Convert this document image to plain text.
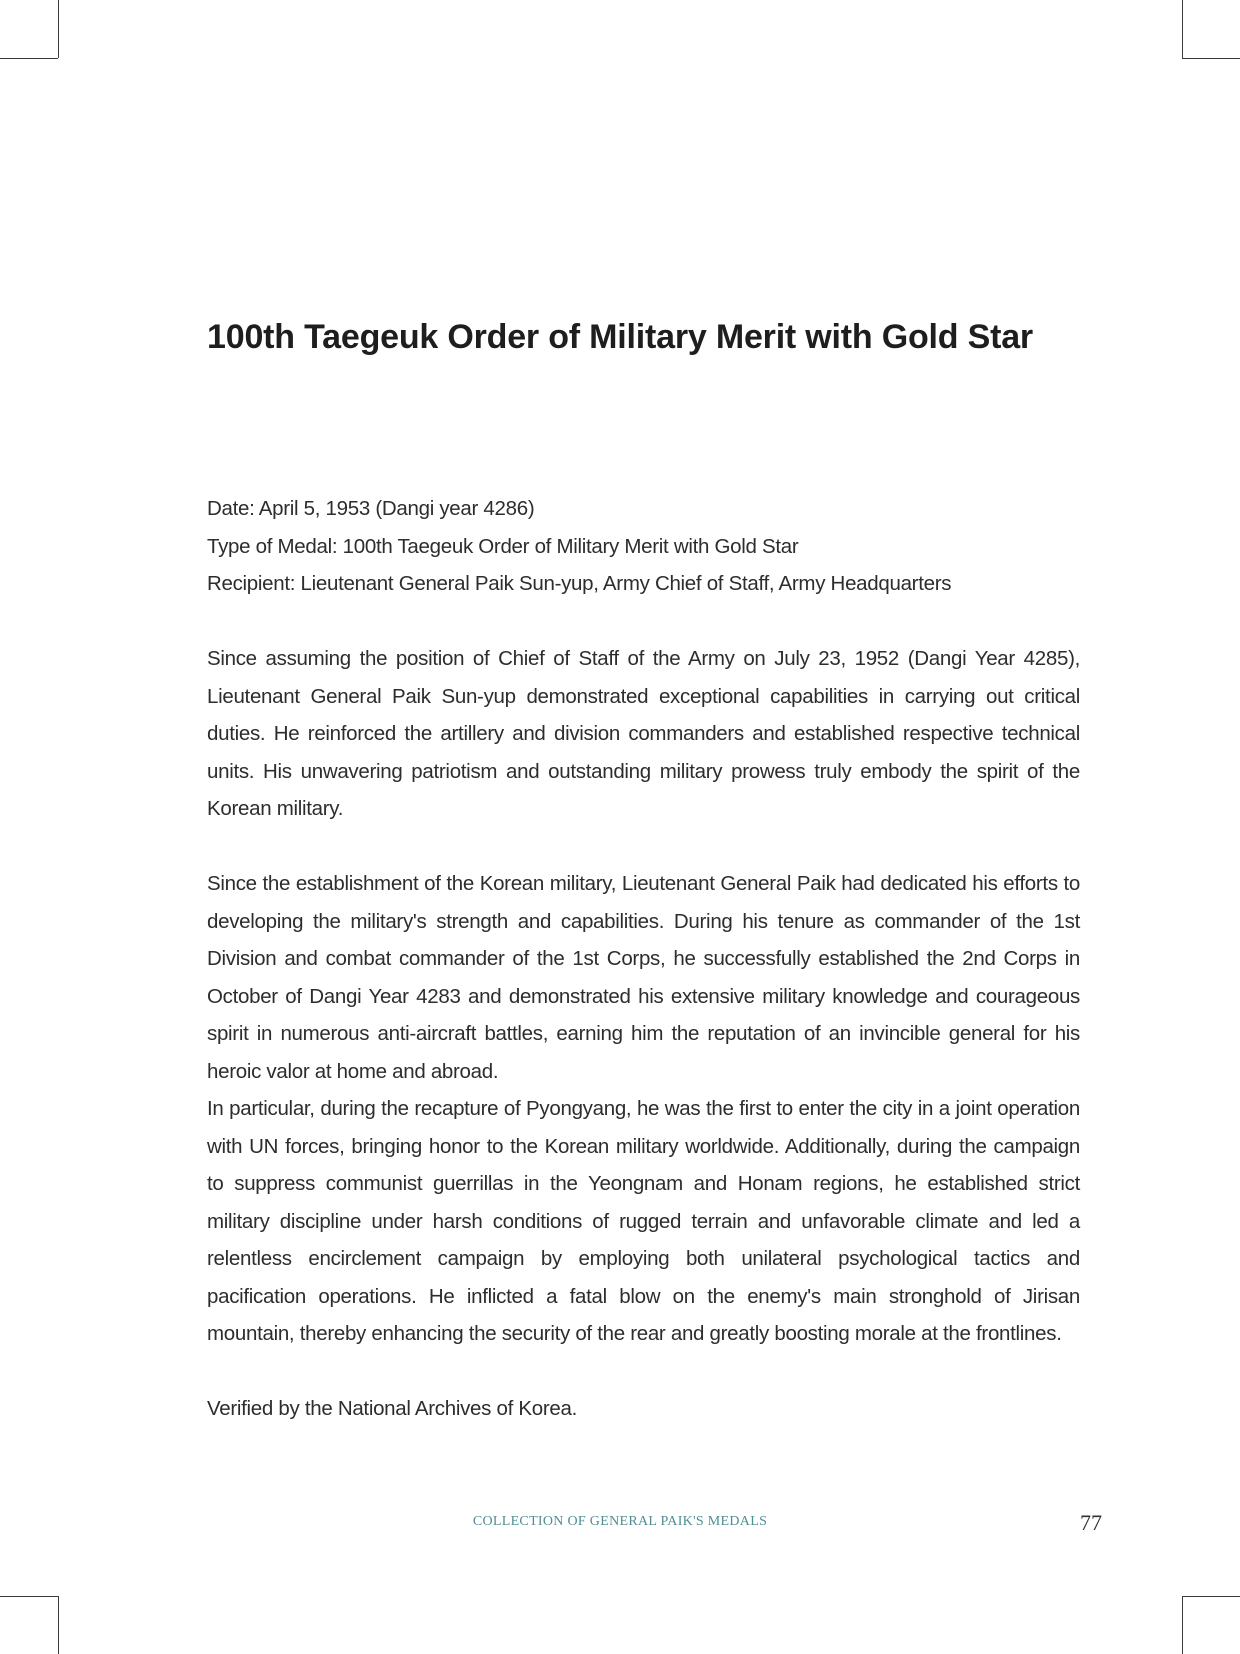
100th Taegeuk Order of Military Merit with Gold Star

Date: April 5, 1953 (Dangi year 4286)

Type of Medal: 100th Taegeuk Order of Military Merit with Gold Star

Recipient: Lieutenant General Paik Sun-yup, Army Chief of Staff, Army Headquarters

Since assuming the position of Chief of Staff of the Army on July 23, 1952 (Dangi Year 4285), Lieutenant General Paik Sun-yup demonstrated exceptional capabilities in carrying out critical duties. He reinforced the artillery and division commanders and established respective technical units. His unwavering patriotism and outstanding military prowess truly embody the spirit of the Korean military.

Since the establishment of the Korean military, Lieutenant General Paik had dedicated his efforts to developing the military's strength and capabilities. During his tenure as commander of the 1st Division and combat commander of the 1st Corps, he successfully established the 2nd Corps in October of Dangi Year 4283 and demonstrated his extensive military knowledge and courageous spirit in numerous anti-aircraft battles, earning him the reputation of an invincible general for his heroic valor at home and abroad.

In particular, during the recapture of Pyongyang, he was the first to enter the city in a joint operation with UN forces, bringing honor to the Korean military worldwide. Additionally, during the campaign to suppress communist guerrillas in the Yeongnam and Honam regions, he established strict military discipline under harsh conditions of rugged terrain and unfavorable climate and led a relentless encirclement campaign by employing both unilateral psychological tactics and pacification operations. He inflicted a fatal blow on the enemy's main stronghold of Jirisan mountain, thereby enhancing the security of the rear and greatly boosting morale at the frontlines.

Verified by the National Archives of Korea.

COLLECTION OF GENERAL PAIK'S MEDALS	77
